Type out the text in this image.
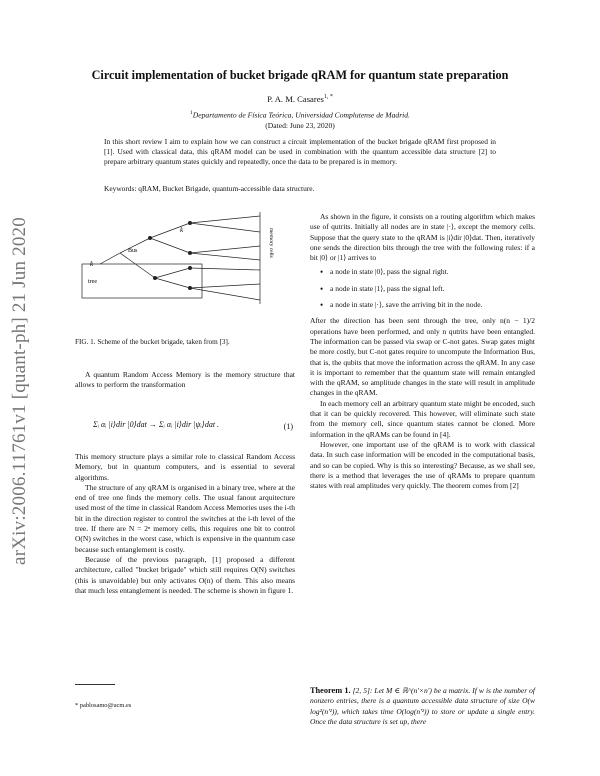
arXiv:2006.11761v1 [quant-ph] 21 Jun 2020
Circuit implementation of bucket brigade qRAM for quantum state preparation
P. A. M. Casares$^{1, *}$
$^1$Departamento de Física Teórica, Universidad Complutense de Madrid.
(Dated: June 23, 2020)
In this short review I aim to explain how we can construct a circuit implementation of the bucket brigade qRAM first proposed in [1]. Used with classical data, this qRAM model can be used in combination with the quantum accessible data structure [2] to prepare arbitrary quantum states quickly and repeatedly, once the data to be prepared is in memory.
Keywords: qRAM, Bucket Brigade, quantum-accessible data structure.
k
Bus
k
tree
memory cells
FIG. 1. Scheme of the bucket brigade, taken from [3].

A quantum Random Access Memory is the memory structure that allows to perform the transformation

Σᵢ αᵢ |i⟩dir |0⟩dat → Σᵢ αᵢ |i⟩dir |ψᵢ⟩dat .	(1)

This memory structure plays a similar role to classical Random Access Memory, but in quantum computers, and is essential to several algorithms.

The structure of any qRAM is organised in a binary tree, where at the end of tree one finds the memory cells. The usual fanout arquitecture used most of the time in classical Random Access Memories uses the i-th bit in the direction register to control the switches at the i-th level of the tree. If there are N = 2ⁿ memory cells, this requires one bit to control O(N) switches in the worst case, which is expensive in the quantum case because such entanglement is costly.

Because of the previous paragraph, [1] proposed a different architecture, called "bucket brigade" which still requires O(N) switches (this is unavoidable) but only activates O(n) of them. This also means that much less entanglement is needed. The scheme is shown in figure 1.

* pablosamo@ucm.es

As shown in the figure, it consists on a routing algorithm which makes use of qutrits. Initially all nodes are in state |·⟩, except the memory cells. Suppose that the query state to the qRAM is |i⟩dir |0⟩dat. Then, iteratively one sends the direction bits through the tree with the following rules: if a bit |0⟩ or |1⟩ arrives to

• a node in state |0⟩, pass the signal right.
• a node in state |1⟩, pass the signal left.
• a node in state |·⟩, save the arriving bit in the node.

After the direction has been sent through the tree, only n(n − 1)/2 operations have been performed, and only n qutrits have been entangled. The information can be passed via swap or C-not gates. Swap gates might be more costly, but C-not gates require to uncompute the Information Bus, that is, the qubits that move the information across the qRAM. In any case it is important to remember that the quantum state will remain entangled with the qRAM, so amplitude changes in the state will result in amplitude changes in the qRAM.

In each memory cell an arbitrary quantum state might be encoded, such that it can be quickly recovered. This however, will eliminate such state from the memory cell, since quantum states cannot be cloned. More information in the qRAMs can be found in [4].

However, one important use of the qRAM is to work with classical data. In such case information will be encoded in the computational basis, and so can be copied. Why is this so interesting? Because, as we shall see, there is a method that leverages the use of qRAMs to prepare quantum states with real amplitudes very quickly. The theorem comes from [2]

Theorem 1. [2, 5]: Let M ∈ ℝ^(n'×n') be a matrix. If w is the number of nonzero entries, there is a quantum accessible data structure of size O(w log²(n'²)), which takes time O(log(n'²)) to store or update a single entry. Once the data structure is set up, there
